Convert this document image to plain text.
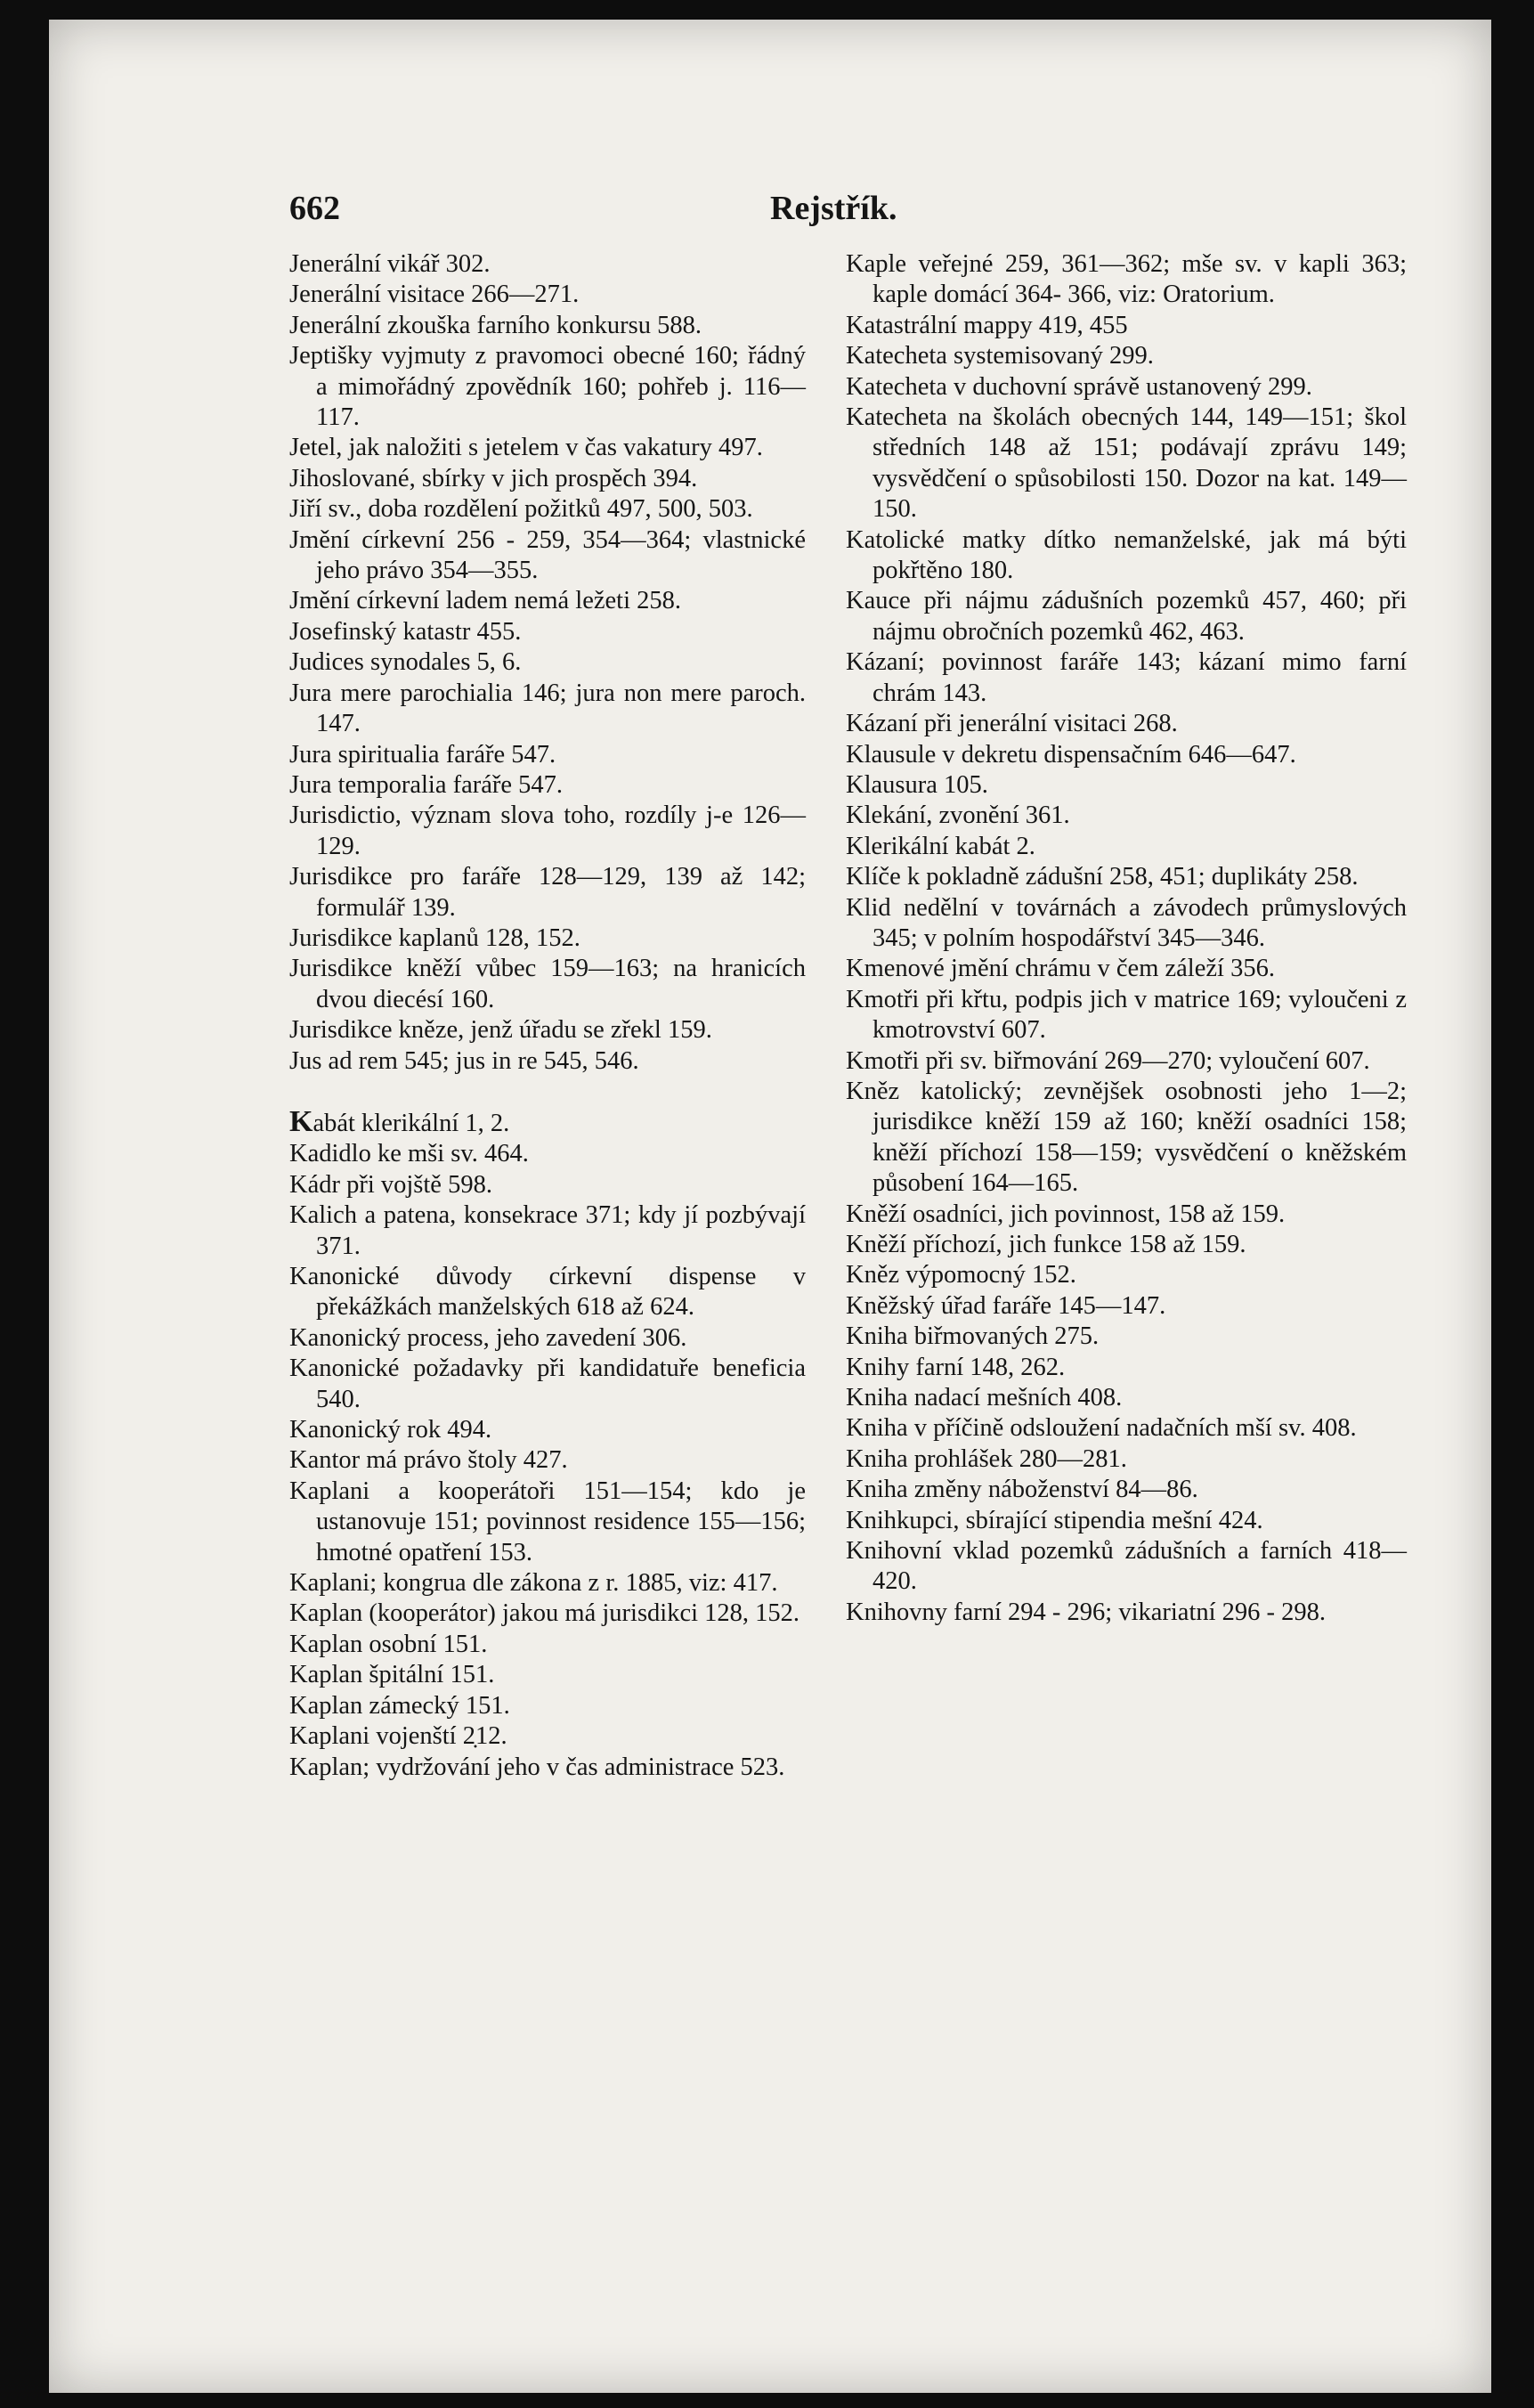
662	Rejstřík.
Jenerální vikář 302.
Jenerální visitace 266—271.
Jenerální zkouška farního konkursu 588.
Jeptišky vyjmuty z pravomoci obecné 160; řádný a mimořádný zpovědník 160; pohřeb j. 116—117.
Jetel, jak naložiti s jetelem v čas vakatury 497.
Jihoslované, sbírky v jich prospěch 394.
Jiří sv., doba rozdělení požitků 497, 500, 503.
Jmění církevní 256 - 259, 354—364; vlastnické jeho právo 354—355.
Jmění církevní ladem nemá ležeti 258.
Josefinský katastr 455.
Judices synodales 5, 6.
Jura mere parochialia 146; jura non mere paroch. 147.
Jura spiritualia faráře 547.
Jura temporalia faráře 547.
Jurisdictio, význam slova toho, rozdíly j-e 126—129.
Jurisdikce pro faráře 128—129, 139 až 142; formulář 139.
Jurisdikce kaplanů 128, 152.
Jurisdikce kněží vůbec 159—163; na hranicích dvou diecésí 160.
Jurisdikce kněze, jenž úřadu se zřekl 159.
Jus ad rem 545; jus in re 545, 546.
Kabát klerikální 1, 2.
Kadidlo ke mši sv. 464.
Kádr při vojště 598.
Kalich a patena, konsekrace 371; kdy jí pozbývají 371.
Kanonické důvody církevní dispense v překážkách manželských 618 až 624.
Kanonický process, jeho zavedení 306.
Kanonické požadavky při kandidatuře beneficia 540.
Kanonický rok 494.
Kantor má právo štoly 427.
Kaplani a kooperátoři 151—154; kdo je ustanovuje 151; povinnost residence 155—156; hmotné opatření 153.
Kaplani; kongrua dle zákona z r. 1885, viz: 417.
Kaplan (kooperátor) jakou má jurisdikci 128, 152.
Kaplan osobní 151.
Kaplan špitální 151.
Kaplan zámecký 151.
Kaplani vojenští 2̣12.
Kaplan; vydržování jeho v čas administrace 523.
Kaple veřejné 259, 361—362; mše sv. v kapli 363; kaple domácí 364- 366, viz: Oratorium.
Katastrální mappy 419, 455
Katecheta systemisovaný 299.
Katecheta v duchovní správě ustanovený 299.
Katecheta na školách obecných 144, 149—151; škol středních 148 až 151; podávají zprávu 149; vysvědčení o spůsobilosti 150. Dozor na kat. 149—150.
Katolické matky dítko nemanželské, jak má býti pokřtěno 180.
Kauce při nájmu zádušních pozemků 457, 460; při nájmu obročních pozemků 462, 463.
Kázaní; povinnost faráře 143; kázaní mimo farní chrám 143.
Kázaní při jenerální visitaci 268.
Klausule v dekretu dispensačním 646—647.
Klausura 105.
Klekání, zvonění 361.
Klerikální kabát 2.
Klíče k pokladně zádušní 258, 451; duplikáty 258.
Klid nedělní v továrnách a závodech průmyslových 345; v polním hospodářství 345—346.
Kmenové jmění chrámu v čem záleží 356.
Kmotři při křtu, podpis jich v matrice 169; vyloučeni z kmotrovství 607.
Kmotři při sv. biřmování 269—270; vyloučení 607.
Kněz katolický; zevnějšek osobnosti jeho 1—2; jurisdikce kněží 159 až 160; kněží osadníci 158; kněží příchozí 158—159; vysvědčení o kněžském působení 164—165.
Kněží osadníci, jich povinnost, 158 až 159.
Kněží příchozí, jich funkce 158 až 159.
Kněz výpomocný 152.
Kněžský úřad faráře 145—147.
Kniha biřmovaných 275.
Knihy farní 148, 262.
Kniha nadací mešních 408.
Kniha v příčině odsloužení nadačních mší sv. 408.
Kniha prohlášek 280—281.
Kniha změny náboženství 84—86.
Knihkupci, sbírající stipendia mešní 424.
Knihovní vklad pozemků zádušních a farních 418—420.
Knihovny farní 294 - 296; vikariatní 296 - 298.
